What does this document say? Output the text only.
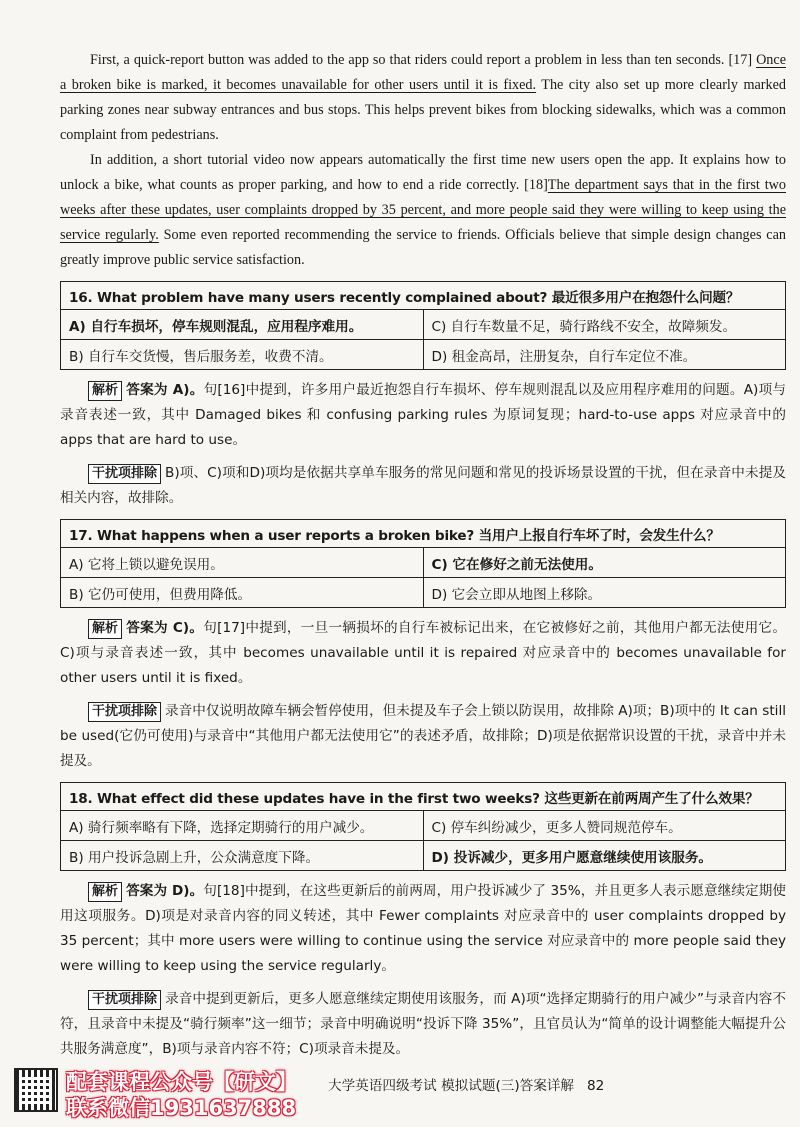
First, a quick-report button was added to the app so that riders could report a problem in less than ten seconds. [17] Once a broken bike is marked, it becomes unavailable for other users until it is fixed. The city also set up more clearly marked parking zones near subway entrances and bus stops. This helps prevent bikes from blocking sidewalks, which was a common complaint from pedestrians.

In addition, a short tutorial video now appears automatically the first time new users open the app. It explains how to unlock a bike, what counts as proper parking, and how to end a ride correctly. [18]The department says that in the first two weeks after these updates, user complaints dropped by 35 percent, and more people said they were willing to keep using the service regularly. Some even reported recommending the service to friends. Officials believe that simple design changes can greatly improve public service satisfaction.

16. What problem have many users recently complained about? 最近很多用户在抱怨什么问题？	
A) 自行车损坏，停车规则混乱，应用程序难用。	C) 自行车数量不足，骑行路线不安全，故障频发。
B) 自行车交货慢，售后服务差，收费不清。	D) 租金高昂，注册复杂，自行车定位不准。
解析 答案为 A)。句[16]中提到，许多用户最近抱怨自行车损坏、停车规则混乱以及应用程序难用的问题。A)项与录音表述一致，其中 Damaged bikes 和 confusing parking rules 为原词复现；hard-to-use apps 对应录音中的 apps that are hard to use。
干扰项排除 B)项、C)项和D)项均是依据共享单车服务的常见问题和常见的投诉场景设置的干扰，但在录音中未提及相关内容，故排除。
17. What happens when a user reports a broken bike? 当用户上报自行车坏了时，会发生什么？	
A) 它将上锁以避免误用。	C) 它在修好之前无法使用。
B) 它仍可使用，但费用降低。	D) 它会立即从地图上移除。
解析 答案为 C)。句[17]中提到，一旦一辆损坏的自行车被标记出来，在它被修好之前，其他用户都无法使用它。C)项与录音表述一致，其中 becomes unavailable until it is repaired 对应录音中的 becomes unavailable for other users until it is fixed。
干扰项排除 录音中仅说明故障车辆会暂停使用，但未提及车子会上锁以防误用，故排除 A)项；B)项中的 It can still be used(它仍可使用)与录音中“其他用户都无法使用它”的表述矛盾，故排除；D)项是依据常识设置的干扰，录音中并未提及。
18. What effect did these updates have in the first two weeks? 这些更新在前两周产生了什么效果？	
A) 骑行频率略有下降，选择定期骑行的用户减少。	C) 停车纠纷减少，更多人赞同规范停车。
B) 用户投诉急剧上升，公众满意度下降。	D) 投诉减少，更多用户愿意继续使用该服务。
解析 答案为 D)。句[18]中提到，在这些更新后的前两周，用户投诉减少了 35%，并且更多人表示愿意继续定期使用这项服务。D)项是对录音内容的同义转述，其中 Fewer complaints 对应录音中的 user complaints dropped by 35 percent；其中 more users were willing to continue using the service 对应录音中的 more people said they were willing to keep using the service regularly。
干扰项排除 录音中提到更新后，更多人愿意继续定期使用该服务，而 A)项“选择定期骑行的用户减少”与录音内容不符，且录音中未提及“骑行频率”这一细节；录音中明确说明“投诉下降 35%”，且官员认为“简单的设计调整能大幅提升公共服务满意度”，B)项与录音内容不符；C)项录音未提及。
配套课程公众号【研文】
联系微信1931637888
大学英语四级考试 模拟试题(三)答案详解 82
